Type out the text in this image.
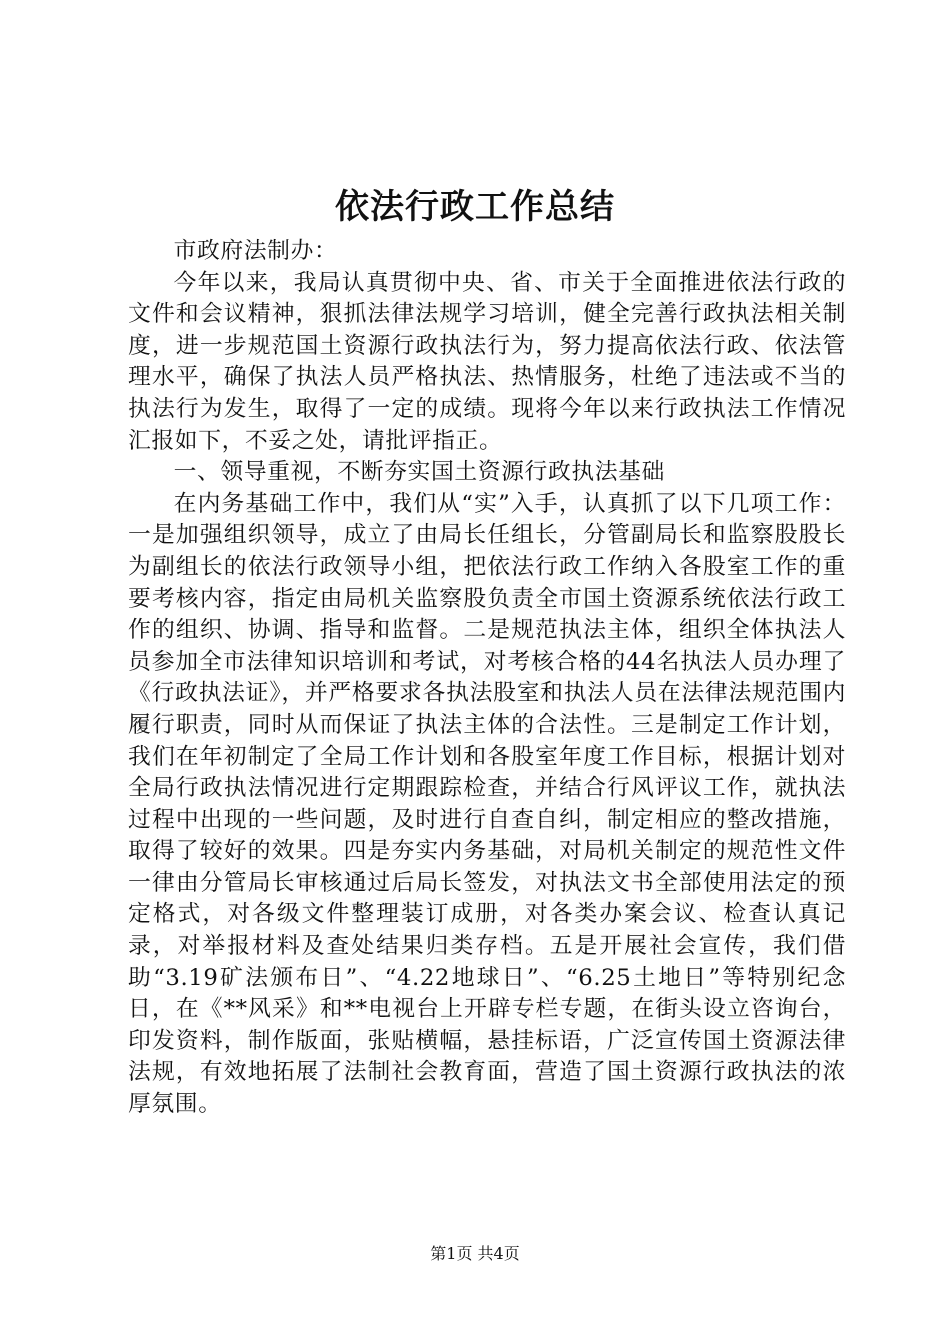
依法行政工作总结

市政府法制办：

今年以来，我局认真贯彻中央、省、市关于全面推进依法行政的文件和会议精神，狠抓法律法规学习培训，健全完善行政执法相关制度，进一步规范国土资源行政执法行为，努力提高依法行政、依法管理水平，确保了执法人员严格执法、热情服务，杜绝了违法或不当的执法行为发生，取得了一定的成绩。现将今年以来行政执法工作情况汇报如下，不妥之处，请批评指正。

一、领导重视，不断夯实国土资源行政执法基础

在内务基础工作中，我们从“实”入手，认真抓了以下几项工作：一是加强组织领导，成立了由局长任组长，分管副局长和监察股股长为副组长的依法行政领导小组，把依法行政工作纳入各股室工作的重要考核内容，指定由局机关监察股负责全市国土资源系统依法行政工作的组织、协调、指导和监督。二是规范执法主体，组织全体执法人员参加全市法律知识培训和考试，对考核合格的44名执法人员办理了《行政执法证》，并严格要求各执法股室和执法人员在法律法规范围内履行职责，同时从而保证了执法主体的合法性。三是制定工作计划，我们在年初制定了全局工作计划和各股室年度工作目标，根据计划对全局行政执法情况进行定期跟踪检查，并结合行风评议工作，就执法过程中出现的一些问题，及时进行自查自纠，制定相应的整改措施，取得了较好的效果。四是夯实内务基础，对局机关制定的规范性文件一律由分管局长审核通过后局长签发，对执法文书全部使用法定的预定格式，对各级文件整理装订成册，对各类办案会议、检查认真记录，对举报材料及查处结果归类存档。五是开展社会宣传，我们借助“3.19矿法颁布日”、“4.22地球日”、“6.25土地日”等特别纪念日，在《**风采》和**电视台上开辟专栏专题，在街头设立咨询台，印发资料，制作版面，张贴横幅，悬挂标语，广泛宣传国土资源法律法规，有效地拓展了法制社会教育面，营造了国土资源行政执法的浓厚氛围。

第1页 共4页
